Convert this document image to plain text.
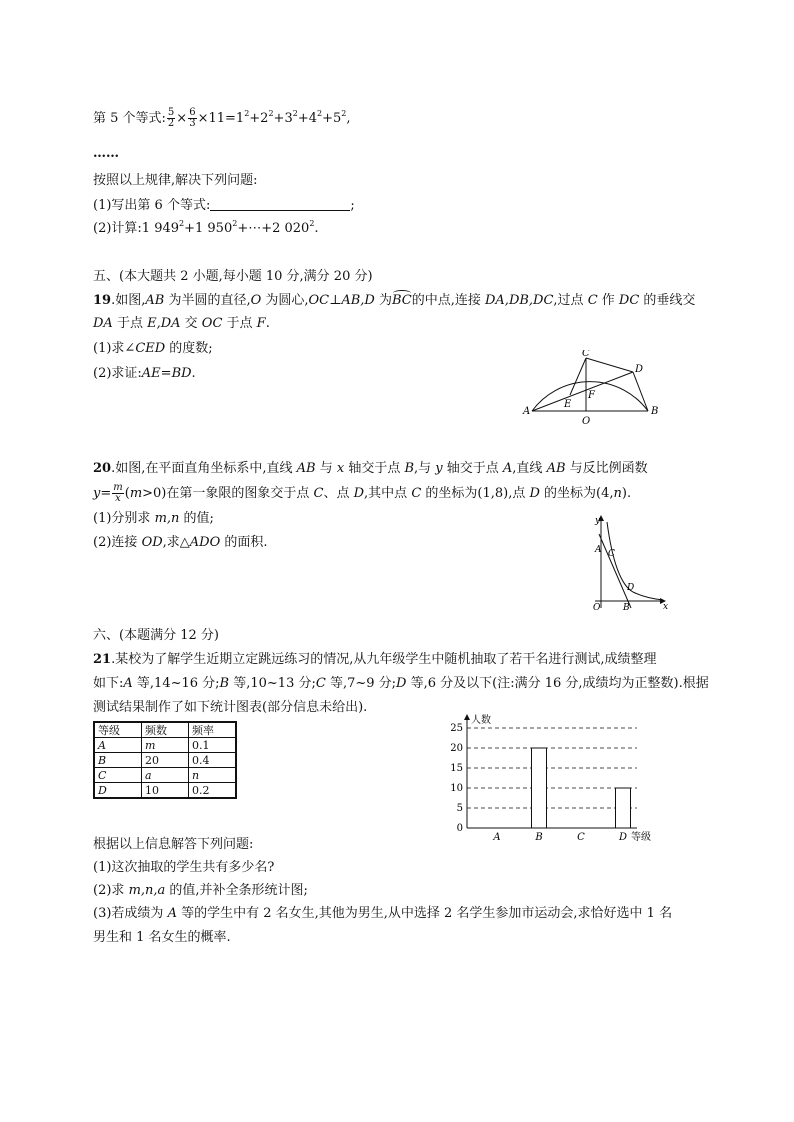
第 5 个等式: $\frac{5}{2} \times \frac{6}{3} \times 11=1^2+2^2+3^2+4^2+5^2$,
……
按照以上规律,解决下列问题:
(1)写出第 6 个等式:	;
(2)计算:1 $949^2+1$ $950^2+\cdots+2$ $020^2$.
五、(本大题共 2 小题,每小题 10 分,满分 20 分)
19.如图,AB 为半圆的直径,O 为圆心,OC⊥AB,D 为BC的中点,连接 DA,DB,DC,过点 C 作 DC 的垂线交
DA 于点 E,DA 交 OC 于点 F.
(1)求∠CED 的度数;
(2)求证:AE=BD.
A	B
C
D
E
F
O
20.如图,在平面直角坐标系中,直线 AB 与 x 轴交于点 B,与 y 轴交于点 A,直线 AB 与反比例函数
$y= \frac{m}{x} (m>0)$在第一象限的图象交于点 C、点 D,其中点 C 的坐标为(1,8),点 D 的坐标为(4,n).
(1)分别求 m,n 的值;
(2)连接 OD,求△ADO 的面积.
y
x
A C
D
O	B
六、(本题满分 12 分)
21.某校为了解学生近期立定跳远练习的情况,从九年级学生中随机抽取了若干名进行测试,成绩整理
如下:A 等,14~16 分;B 等,10~13 分;C 等,7~9 分;D 等,6 分及以下(注:满分 16 分,成绩均为正整数).根据
测试结果制作了如下统计图表(部分信息未给出).
等级	频数	频率
A	m	0.1
B	20	0.4
C	a	n
D	10	0.2
A	B	C	D
0
5
10
15
20
25
人数
等级
根据以上信息解答下列问题:
(1)这次抽取的学生共有多少名?
(2)求 m,n,a 的值,并补全条形统计图;
(3)若成绩为 A 等的学生中有 2 名女生,其他为男生,从中选择 2 名学生参加市运动会,求恰好选中 1 名
男生和 1 名女生的概率.
